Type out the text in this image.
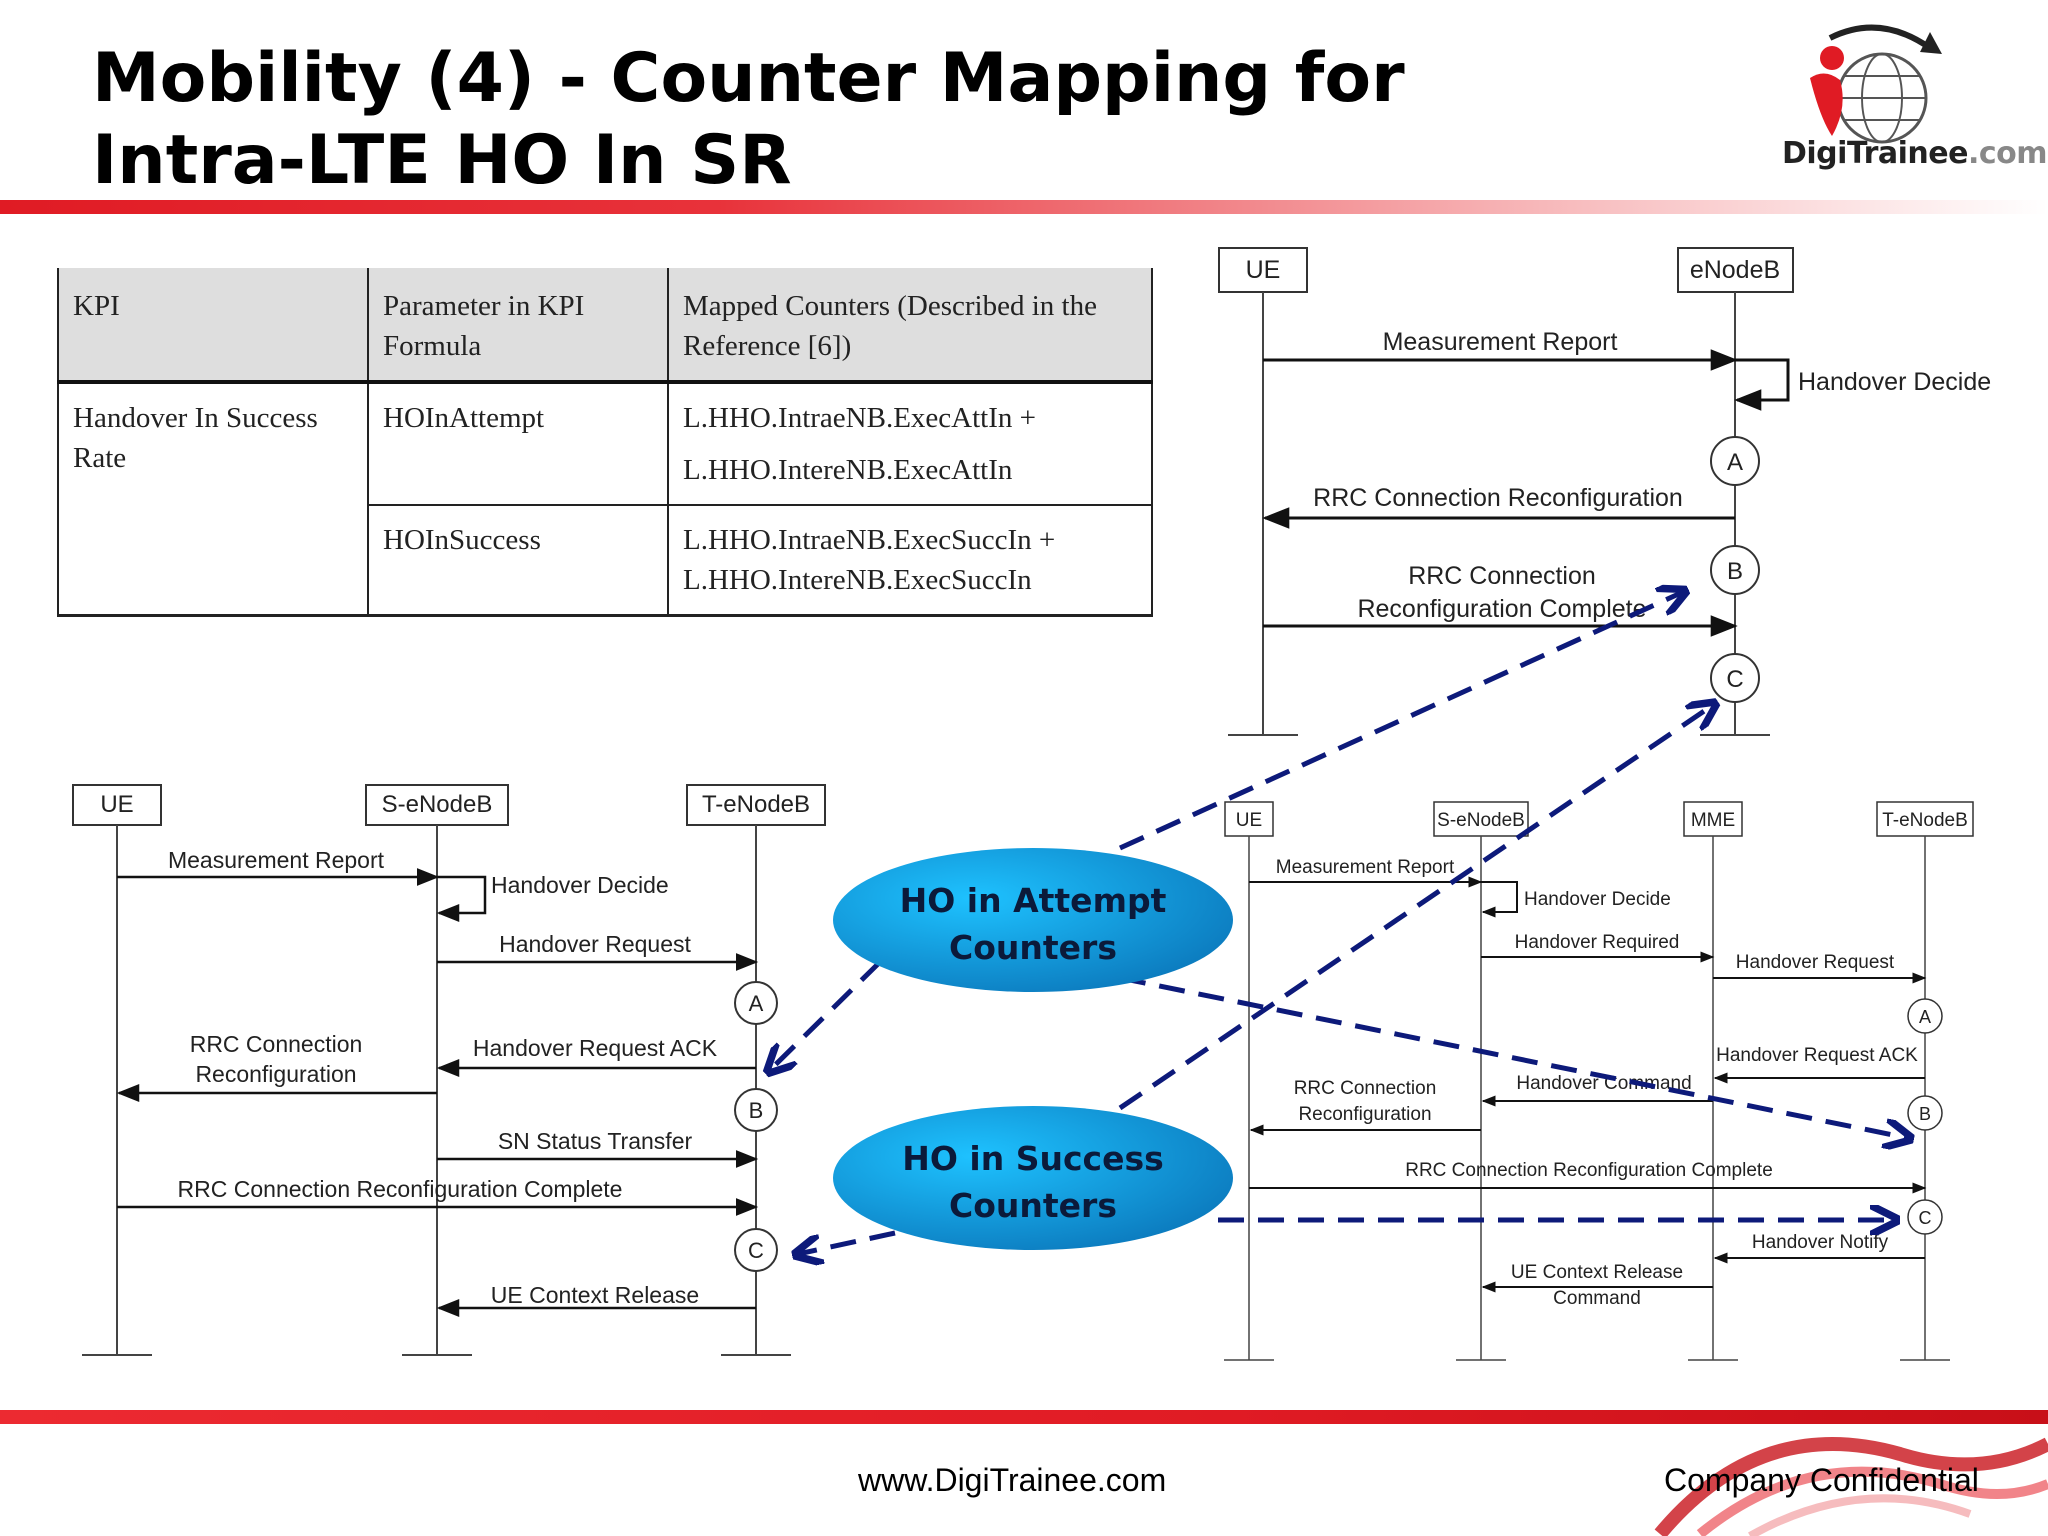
Mobility (4) - Counter Mapping for
Intra-LTE HO In SR	DigiTrainee.com
KPI	Parameter in KPI Formula	Mapped Counters (Described in the Reference [6])
Handover In Success Rate	HOInAttempt	L.HHO.IntraeNB.ExecAttIn +
L.HHO.IntereNB.ExecAttIn

	HOInSuccess	L.HHO.IntraeNB.ExecSuccIn +
L.HHO.IntereNB.ExecSuccIn
UE	eNodeB
Measurement Report
Handover Decide
A
RRC Connection Reconfiguration
B
RRC Connection
Reconfiguration Complete
C
UE	S-eNodeB	T-eNodeB
Measurement Report
Handover Decide
Handover Request
A
RRC Connection
Reconfiguration
Handover Request ACK
B
SN Status Transfer
RRC Connection Reconfiguration Complete
C
UE Context Release
UE	S-eNodeB	MME	T-eNodeB
Measurement Report
Handover Decide
Handover Required
Handover Request
A
Handover Request ACK
Handover Command
RRC Connection
Reconfiguration	B
RRC Connection Reconfiguration Complete
C
Handover Notify
UE Context Release
Command
HO in Attempt
Counters
HO in Success
Counters
www.DigiTrainee.com	Company Confidential
